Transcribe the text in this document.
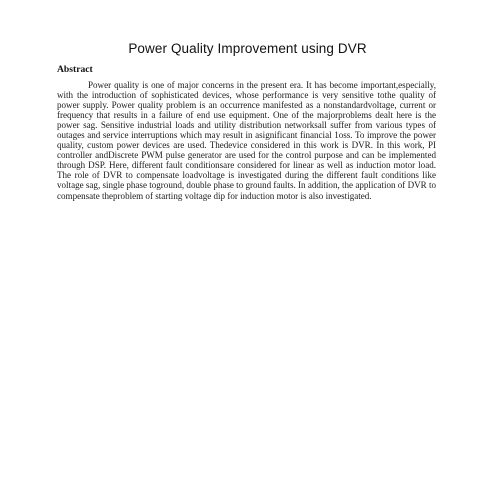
Power Quality Improvement using DVR
Abstract

Power quality is one of major concerns in the present era. It has become important,especially, with the introduction of sophisticated devices, whose performance is very sensitive tothe quality of power supply. Power quality problem is an occurrence manifested as a nonstandardvoltage, current or frequency that results in a failure of end use equipment. One of the majorproblems dealt here is the power sag. Sensitive industrial loads and utility distribution networksall suffer from various types of outages and service interruptions which may result in asignificant financial 1oss. To improve the power quality, custom power devices are used. Thedevice considered in this work is DVR. In this work, PI controller andDiscrete PWM pulse generator are used for the control purpose and can be implemented through DSP. Here, different fault conditionsare considered for linear as well as induction motor load. The role of DVR to compensate loadvoltage is investigated during the different fault conditions like voltage sag, single phase toground, double phase to ground faults. In addition, the application of DVR to compensate theproblem of starting voltage dip for induction motor is also investigated.
